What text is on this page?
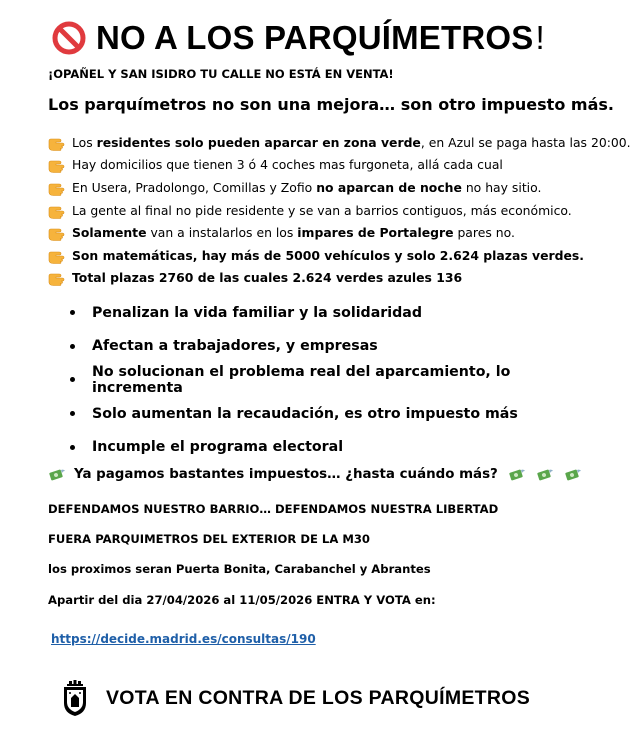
NO A LOS PARQUÍMETROS !
¡OPAÑEL Y SAN ISIDRO TU CALLE NO ESTÁ EN VENTA!
Los parquímetros no son una mejora… son otro impuesto más.
Los residentes solo pueden aparcar en zona verde , en Azul se paga hasta las 20:00.
Hay domicilios que tienen 3 ó 4 coches mas furgoneta, allá cada cual
En Usera, Pradolongo, Comillas y Zofio no aparcan de noche no hay sitio.
La gente al final no pide residente y se van a barrios contiguos, más económico.
Solamente van a instalarlos en los impares de Portalegre pares no.
Son matemáticas, hay más de 5000 vehículos y solo 2.624 plazas verdes.
Total plazas 2760 de las cuales 2.624 verdes azules 136
Penalizan la vida familiar y la solidaridad
Afectan a trabajadores, y empresas
No solucionan el problema real del aparcamiento, lo incrementa
Solo aumentan la recaudación, es otro impuesto más
Incumple el programa electoral
Ya pagamos bastantes impuestos… ¿hasta cuándo más?
DEFENDAMOS NUESTRO BARRIO… DEFENDAMOS NUESTRA LIBERTAD
FUERA PARQUIMETROS DEL EXTERIOR DE LA M30
los proximos seran Puerta Bonita, Carabanchel y Abrantes
Apartir del dia 27/04/2026 al 11/05/2026 ENTRA Y VOTA en:
https://decide.madrid.es/consultas/190
VOTA EN CONTRA DE LOS PARQUÍMETROS
